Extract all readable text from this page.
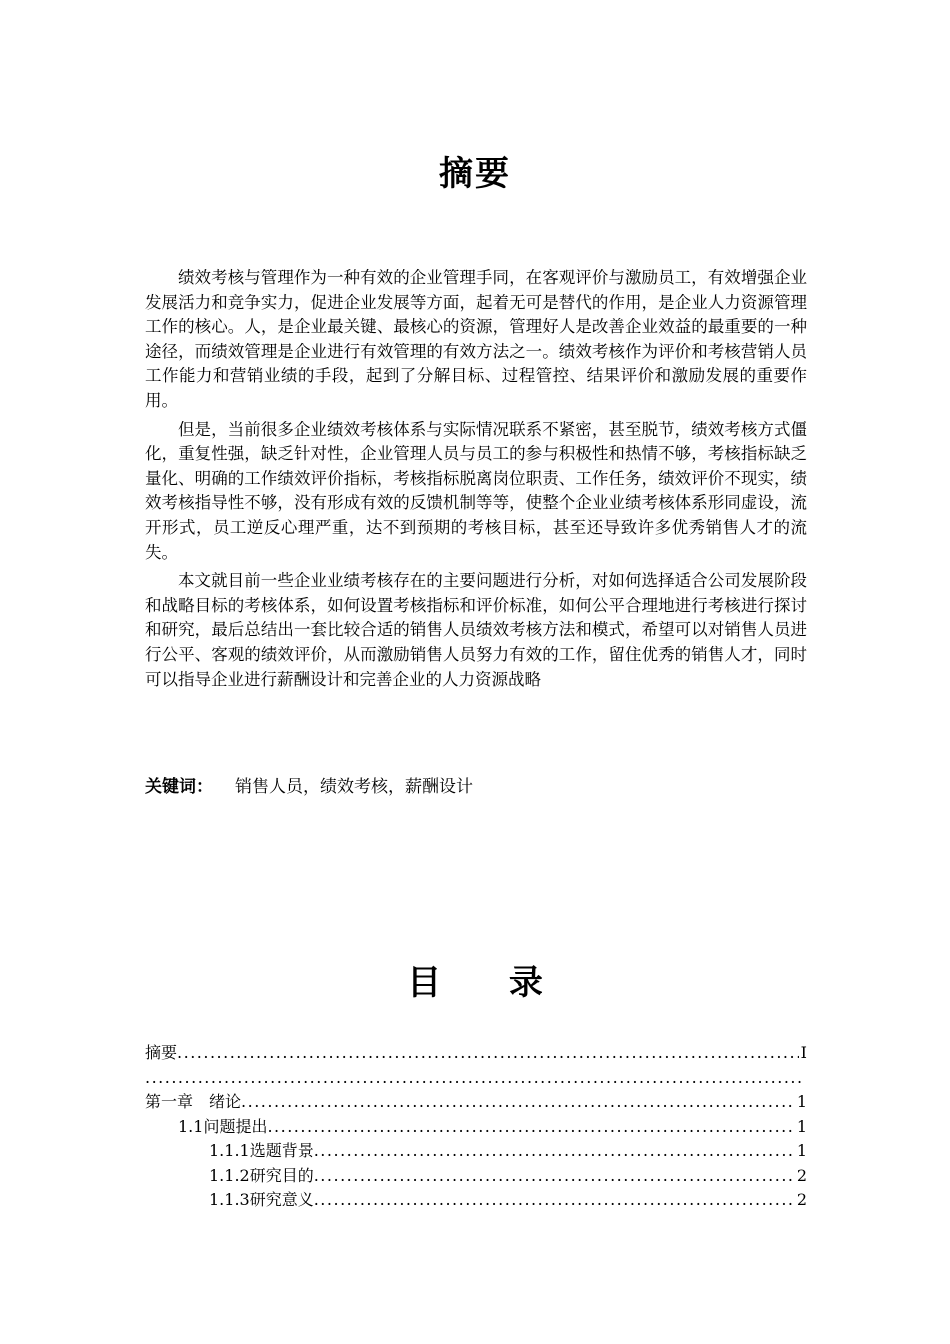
摘要

绩效考核与管理作为一种有效的企业管理手同，在客观评价与激励员工，有效增强企业发展活力和竞争实力，促进企业发展等方面，起着无可是替代的作用，是企业人力资源管理工作的核心。人，是企业最关键、最核心的资源，管理好人是改善企业效益的最重要的一种途径，而绩效管理是企业进行有效管理的有效方法之一。绩效考核作为评价和考核营销人员工作能力和营销业绩的手段，起到了分解目标、过程管控、结果评价和激励发展的重要作用。

但是，当前很多企业绩效考核体系与实际情况联系不紧密，甚至脱节，绩效考核方式僵化，重复性强，缺乏针对性，企业管理人员与员工的参与积极性和热情不够，考核指标缺乏量化、明确的工作绩效评价指标，考核指标脱离岗位职责、工作任务，绩效评价不现实，绩效考核指导性不够，没有形成有效的反馈机制等等，使整个企业业绩考核体系形同虚设，流开形式，员工逆反心理严重，达不到预期的考核目标，甚至还导致许多优秀销售人才的流失。

本文就目前一些企业业绩考核存在的主要问题进行分析，对如何选择适合公司发展阶段和战略目标的考核体系，如何设置考核指标和评价标准，如何公平合理地进行考核进行探讨和研究，最后总结出一套比较合适的销售人员绩效考核方法和模式，希望可以对销售人员进行公平、客观的绩效评价，从而激励销售人员努力有效的工作，留住优秀的销售人才，同时可以指导企业进行薪酬设计和完善企业的人力资源战略

关键词： 销售人员，绩效考核，薪酬设计
目 录
摘要 .....	I
.....
第一章　绪论 .....	1
1.1问题提出 .....	1
1.1.1选题背景 .....	1
1.1.2研究目的 .....	2
1.1.3研究意义 .....	2
